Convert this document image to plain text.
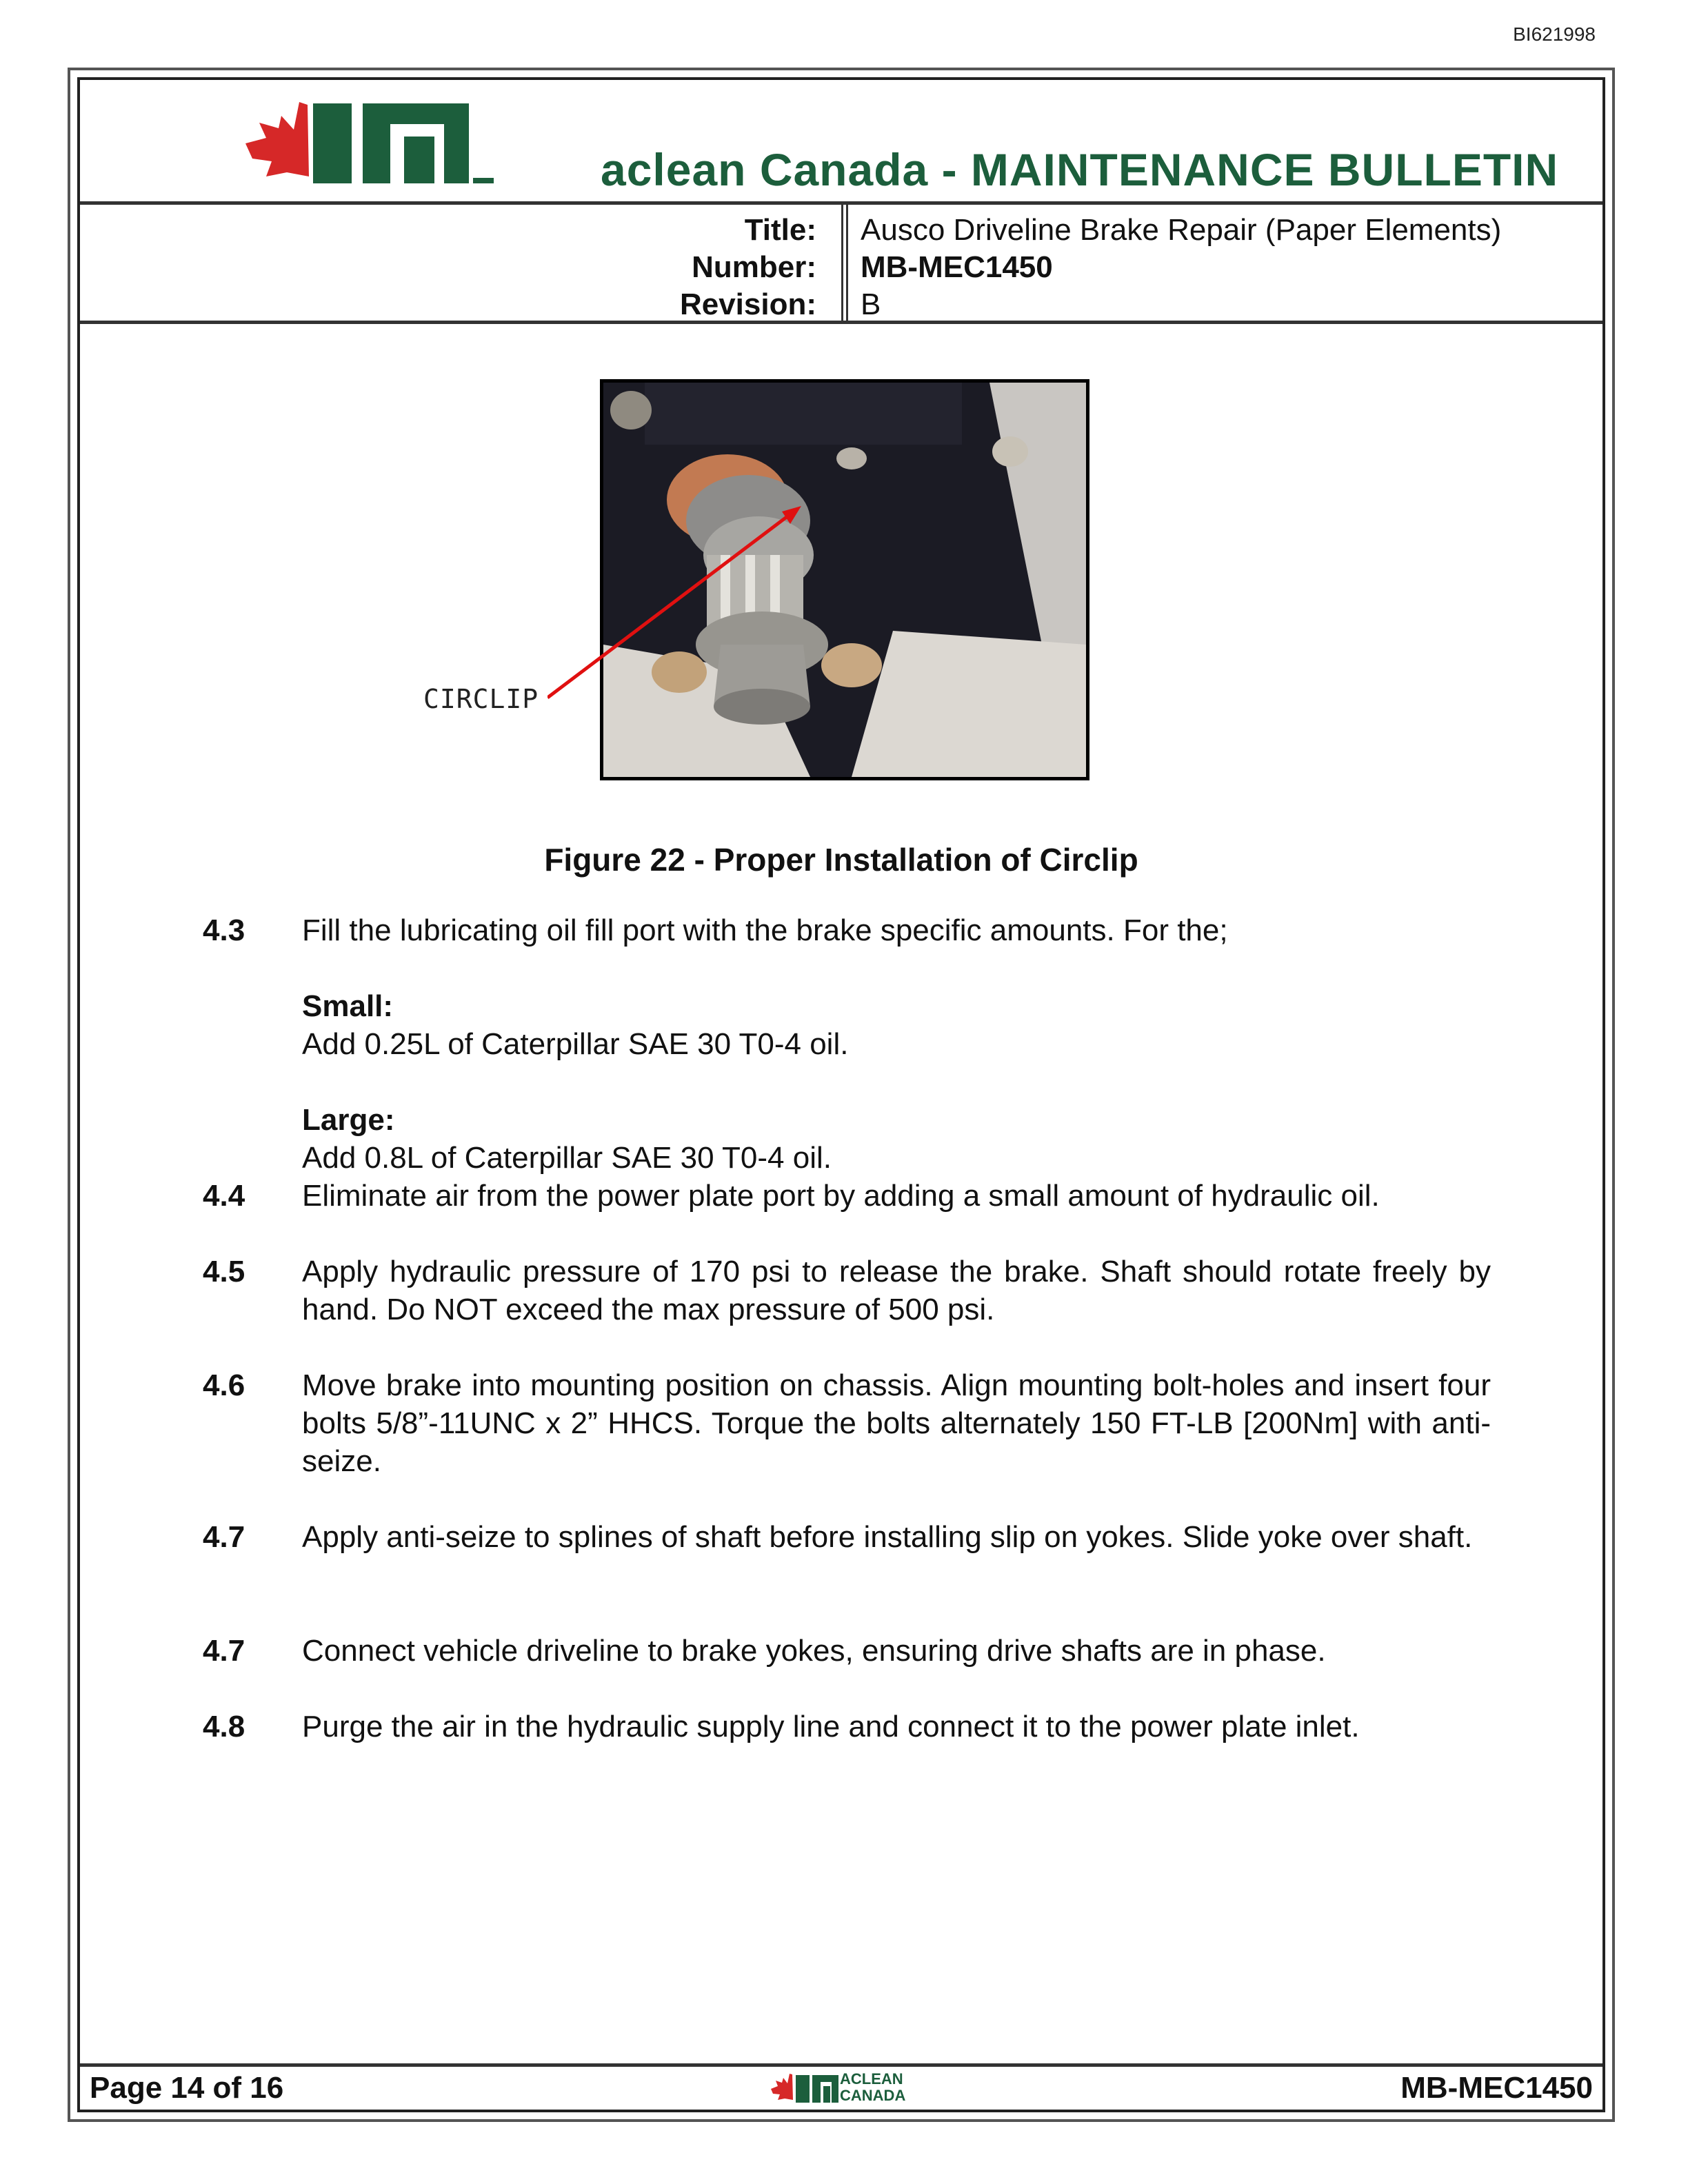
BI621998
aclean Canada - MAINTENANCE BULLETIN
Title: Ausco Driveline Brake Repair (Paper Elements)
Number: MB-MEC1450
Revision: B
CIRCLIP
Figure 22 - Proper Installation of Circlip
4.3 Fill the lubricating oil fill port with the brake specific amounts. For the;
Small:
Add 0.25L of Caterpillar SAE 30 T0-4 oil.
Large:
Add 0.8L of Caterpillar SAE 30 T0-4 oil.
4.4 Eliminate air from the power plate port by adding a small amount of hydraulic oil.
4.5 Apply hydraulic pressure of 170 psi to release the brake. Shaft should rotate freely by hand. Do NOT exceed the max pressure of 500 psi.
4.6 Move brake into mounting position on chassis. Align mounting bolt-holes and insert four bolts 5/8”-11UNC x 2” HHCS. Torque the bolts alternately 150 FT-LB [200Nm] with anti-seize.
4.7 Apply anti-seize to splines of shaft before installing slip on yokes. Slide yoke over shaft.
4.7 Connect vehicle driveline to brake yokes, ensuring drive shafts are in phase.
4.8 Purge the air in the hydraulic supply line and connect it to the power plate inlet.
Page 14 of 16	ACLEAN
CANADA	MB-MEC1450
